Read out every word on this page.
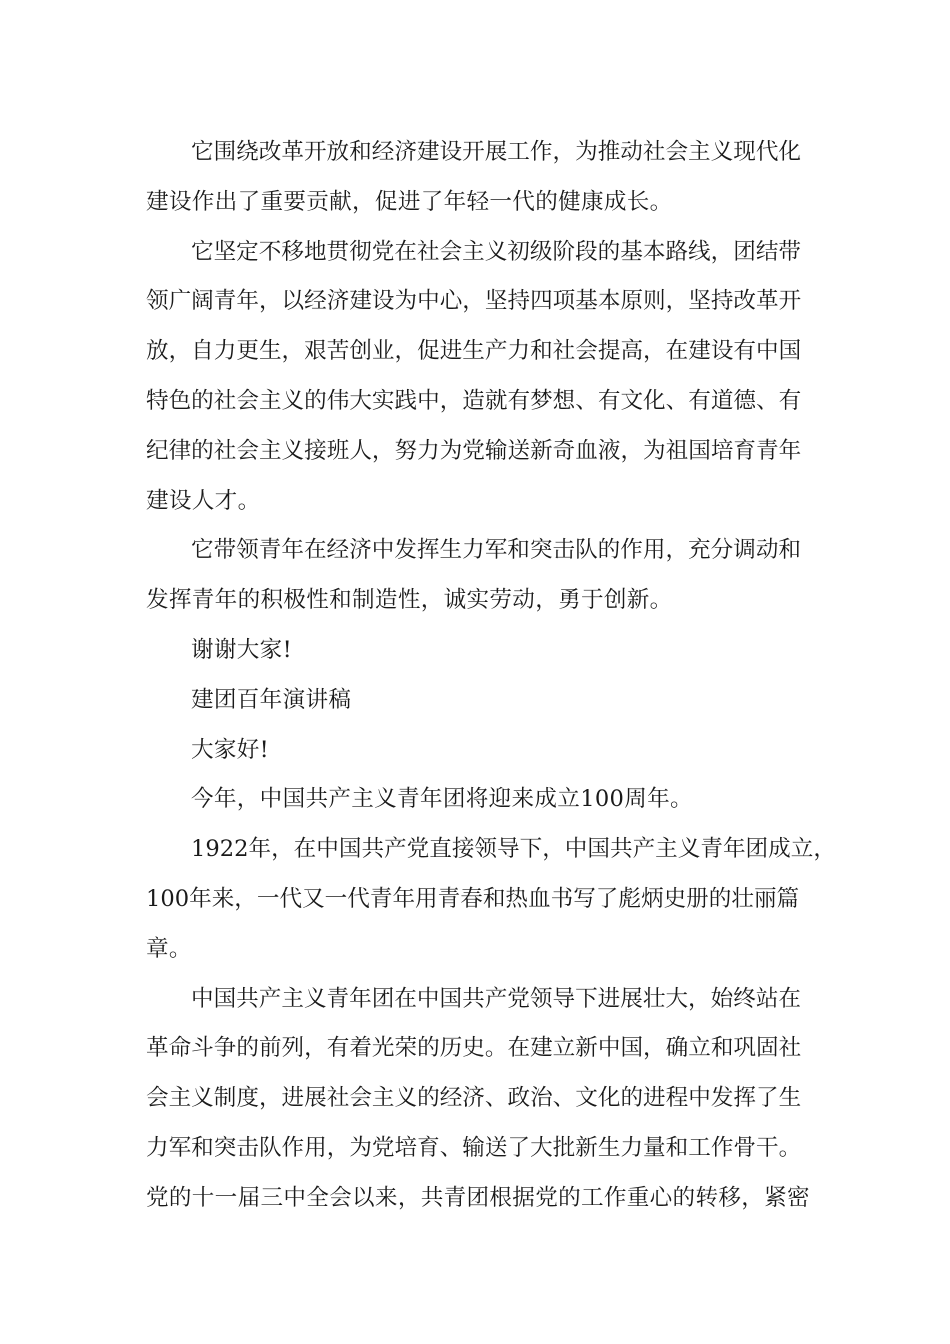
它围绕改革开放和经济建设开展工作，为推动社会主义现代化
建设作出了重要贡献，促进了年轻一代的健康成长。
它坚定不移地贯彻党在社会主义初级阶段的基本路线，团结带
领广阔青年，以经济建设为中心，坚持四项基本原则，坚持改革开
放，自力更生，艰苦创业，促进生产力和社会提高，在建设有中国
特色的社会主义的伟大实践中，造就有梦想、有文化、有道德、有
纪律的社会主义接班人，努力为党输送新奇血液，为祖国培育青年
建设人才。
它带领青年在经济中发挥生力军和突击队的作用，充分调动和
发挥青年的积极性和制造性，诚实劳动，勇于创新。
谢谢大家!
建团百年演讲稿
大家好!
今年，中国共产主义青年团将迎来成立100周年。
1922年，在中国共产党直接领导下，中国共产主义青年团成立，
100年来，一代又一代青年用青春和热血书写了彪炳史册的壮丽篇
章。
中国共产主义青年团在中国共产党领导下进展壮大，始终站在
革命斗争的前列，有着光荣的历史。在建立新中国，确立和巩固社
会主义制度，进展社会主义的经济、政治、文化的进程中发挥了生
力军和突击队作用，为党培育、输送了大批新生力量和工作骨干。
党的十一届三中全会以来，共青团根据党的工作重心的转移，紧密
